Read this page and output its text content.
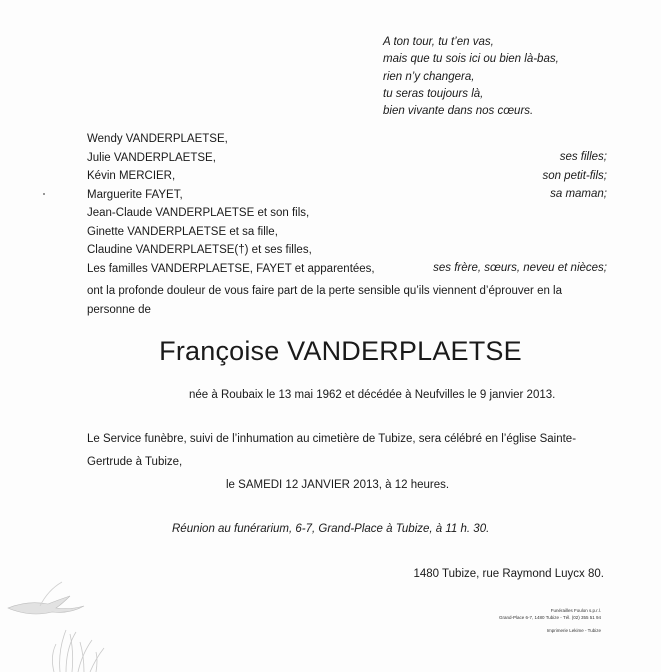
A ton tour, tu t’en vas,
mais que tu sois ici ou bien là-bas,
rien n’y changera,
tu seras toujours là,
bien vivante dans nos cœurs.
Wendy VANDERPLAETSE,
Julie VANDERPLAETSE,
Kévin MERCIER,
Marguerite FAYET,
Jean-Claude VANDERPLAETSE et son fils,
Ginette VANDERPLAETSE et sa fille,
Claudine VANDERPLAETSE(†) et ses filles,
Les familles VANDERPLAETSE, FAYET et apparentées,
ses filles;
son petit-fils;
sa maman;
ses frère, sœurs, neveu et nièces;
ont la profonde douleur de vous faire part de la perte sensible qu’ils viennent d’éprouver en la personne de
Françoise VANDERPLAETSE
née à Roubaix le 13 mai 1962 et décédée à Neufvilles le 9 janvier 2013.
Le Service funèbre, suivi de l’inhumation au cimetière de Tubize, sera célébré en l’église Sainte-Gertrude à Tubize,
le SAMEDI 12 JANVIER 2013, à 12 heures.
Réunion au funérarium, 6-7, Grand-Place à Tubize, à 11 h. 30.
1480 Tubize, rue Raymond Luycx 80.
Funérailles Foulon s.p.r.l.
Grand-Place 6-7, 1480 Tubize - Tél. (02) 355 51 94
Imprimerie Lekime - Tubize
